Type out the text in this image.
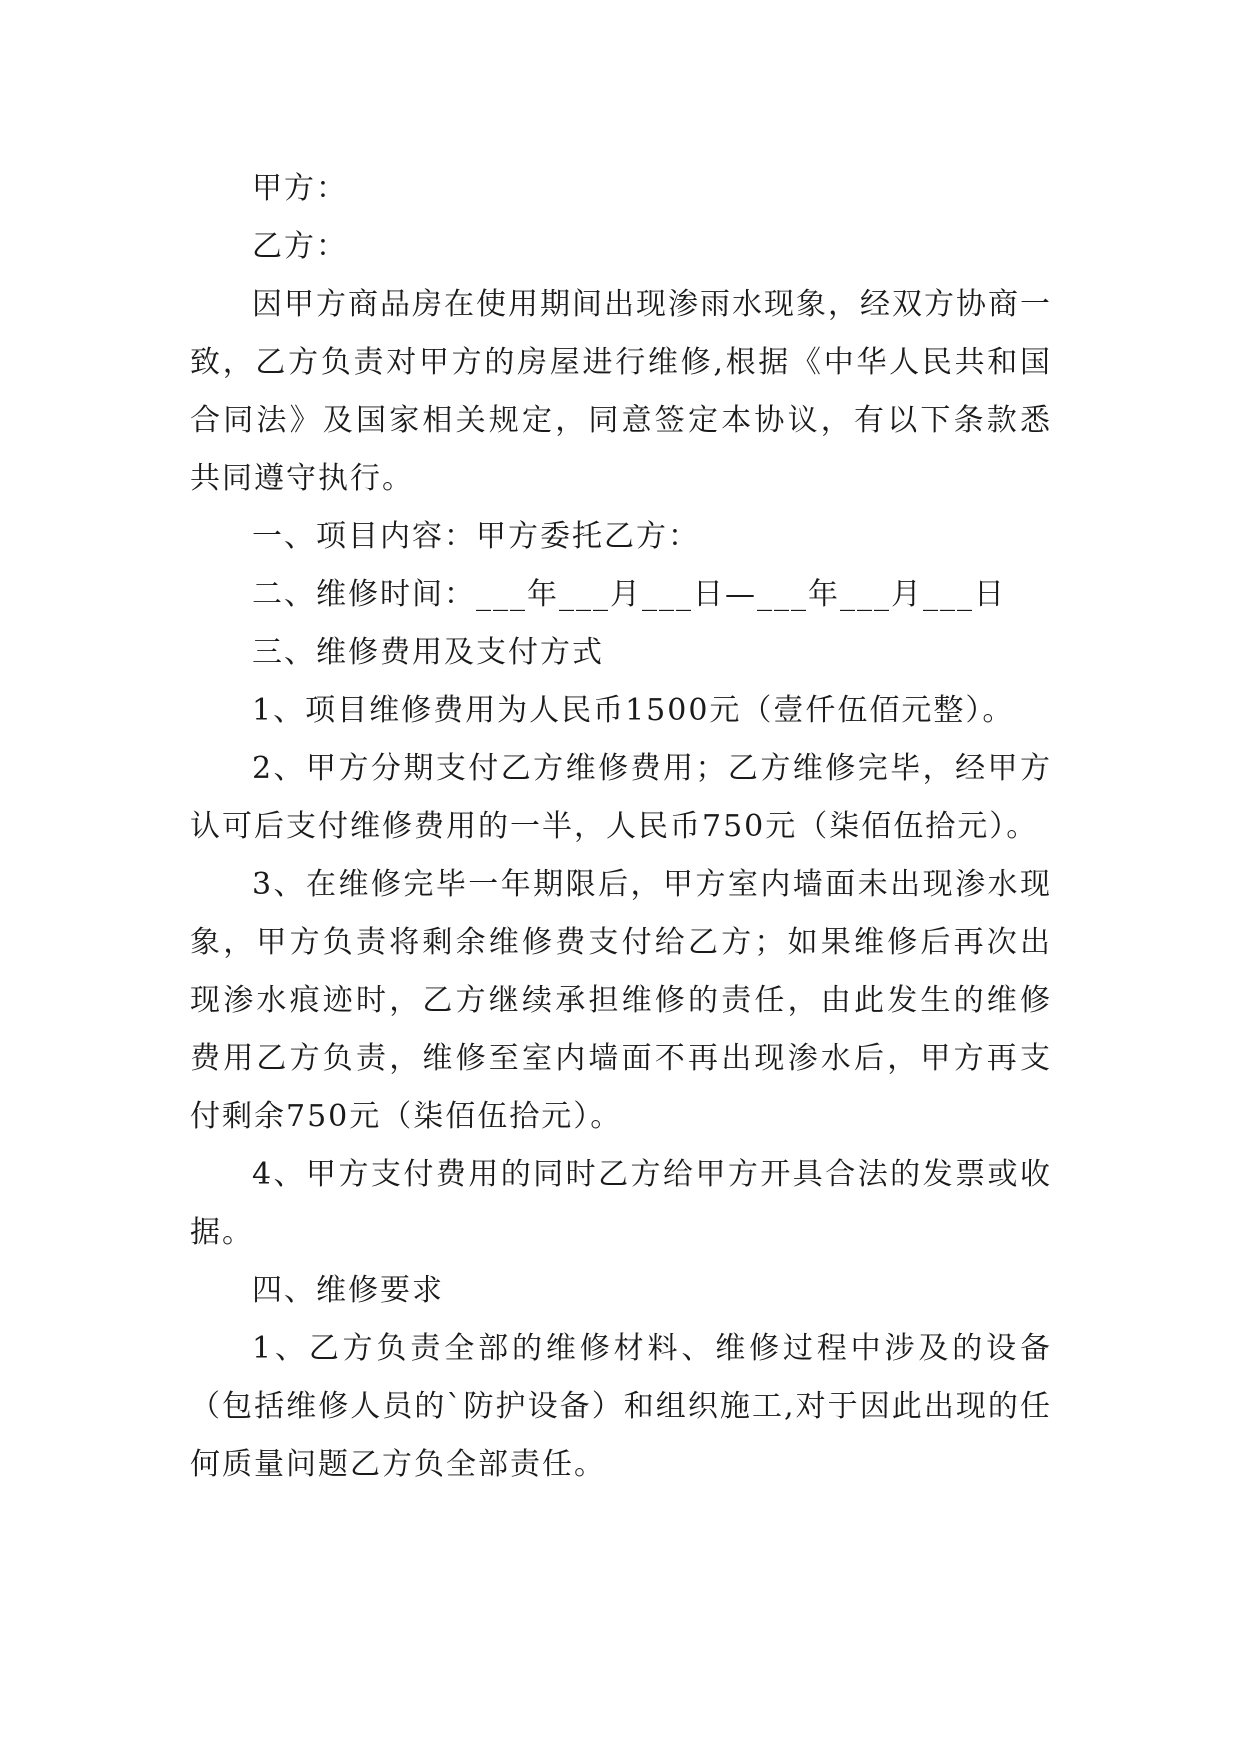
甲方：

乙方：

因甲方商品房在使用期间出现渗雨水现象，经双方协商一致，乙方负责对甲方的房屋进行维修,根据《中华人民共和国合同法》及国家相关规定，同意签定本协议，有以下条款悉共同遵守执行。

一、项目内容：甲方委托乙方：

二、维修时间：___年___月___日—___年___月___日

三、维修费用及支付方式

1、项目维修费用为人民币1500元（壹仟伍佰元整）。

2、甲方分期支付乙方维修费用；乙方维修完毕，经甲方认可后支付维修费用的一半，人民币750元（柒佰伍拾元）。

3、在维修完毕一年期限后，甲方室内墙面未出现渗水现象，甲方负责将剩余维修费支付给乙方；如果维修后再次出现渗水痕迹时，乙方继续承担维修的责任，由此发生的维修费用乙方负责，维修至室内墙面不再出现渗水后，甲方再支付剩余750元（柒佰伍拾元）。

4、甲方支付费用的同时乙方给甲方开具合法的发票或收据。

四、维修要求

1、乙方负责全部的维修材料、维修过程中涉及的设备（包括维修人员的`防护设备）和组织施工,对于因此出现的任何质量问题乙方负全部责任。
